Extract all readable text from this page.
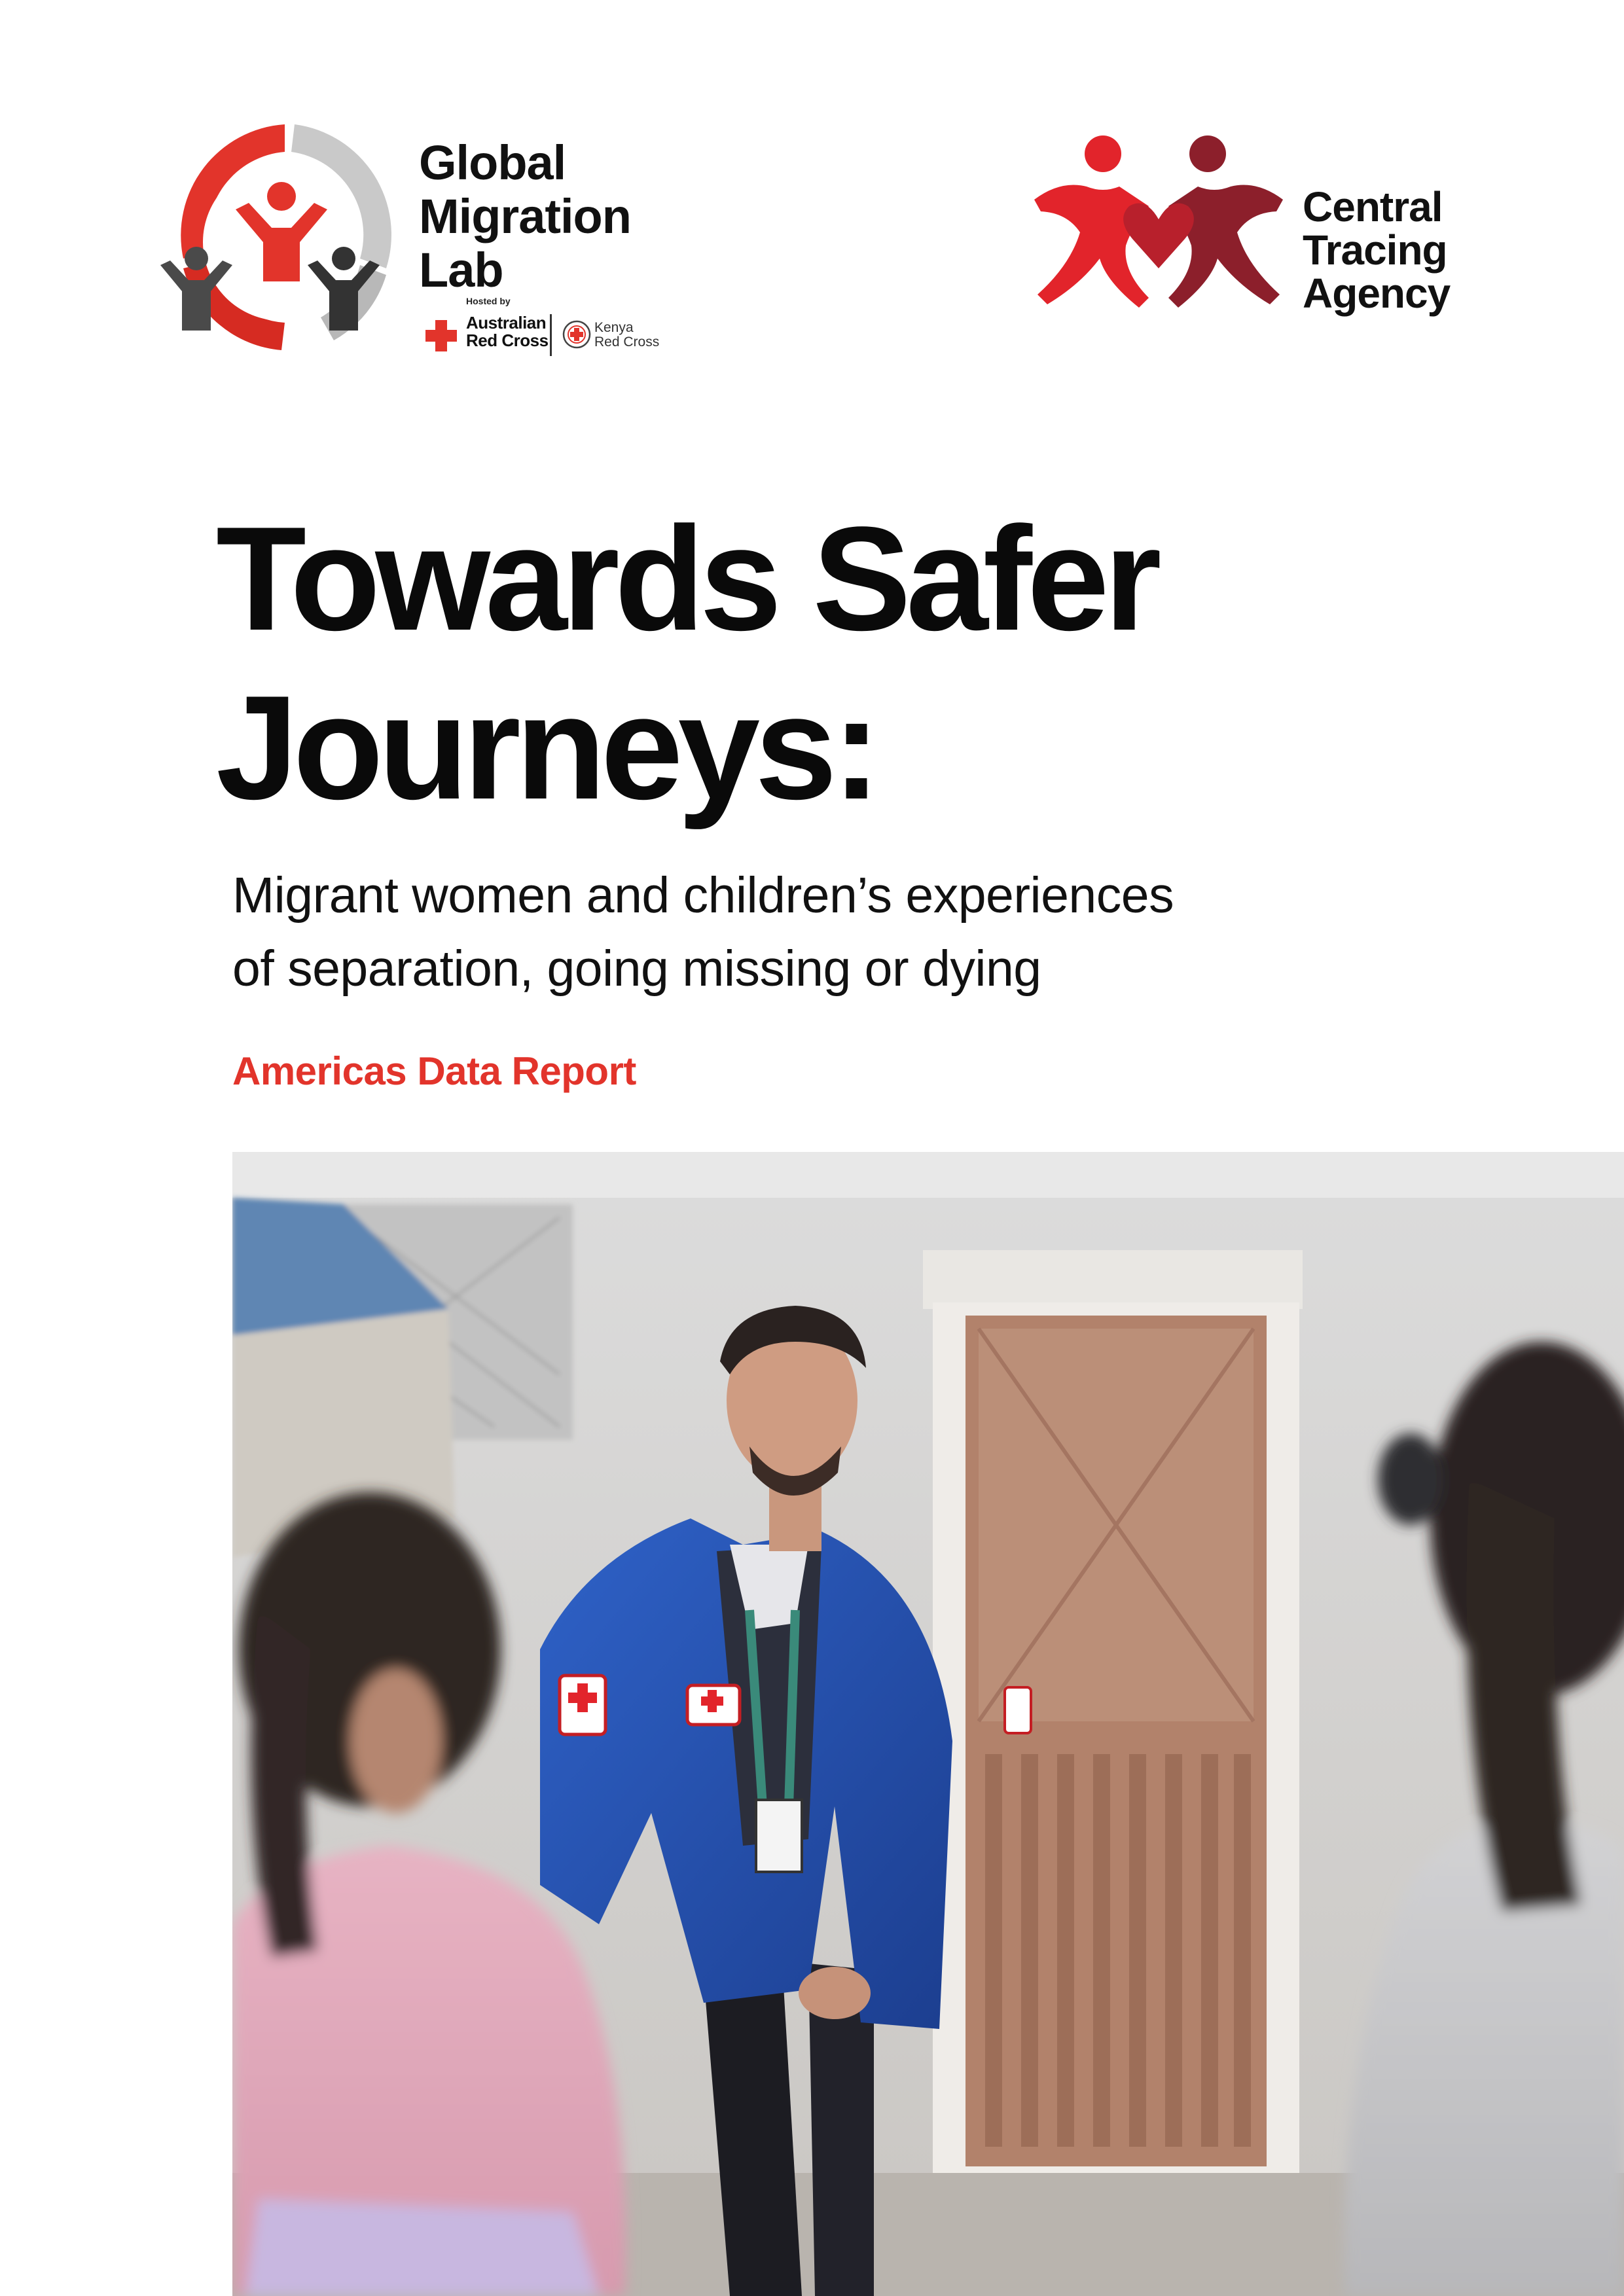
Global
Migration
Lab
Hosted by
Australian
Red Cross
Kenya
Red Cross
Central
Tracing
Agency
Towards Safer
Journeys:
Migrant women and children’s experiences
of separation, going missing or dying
Americas Data Report
